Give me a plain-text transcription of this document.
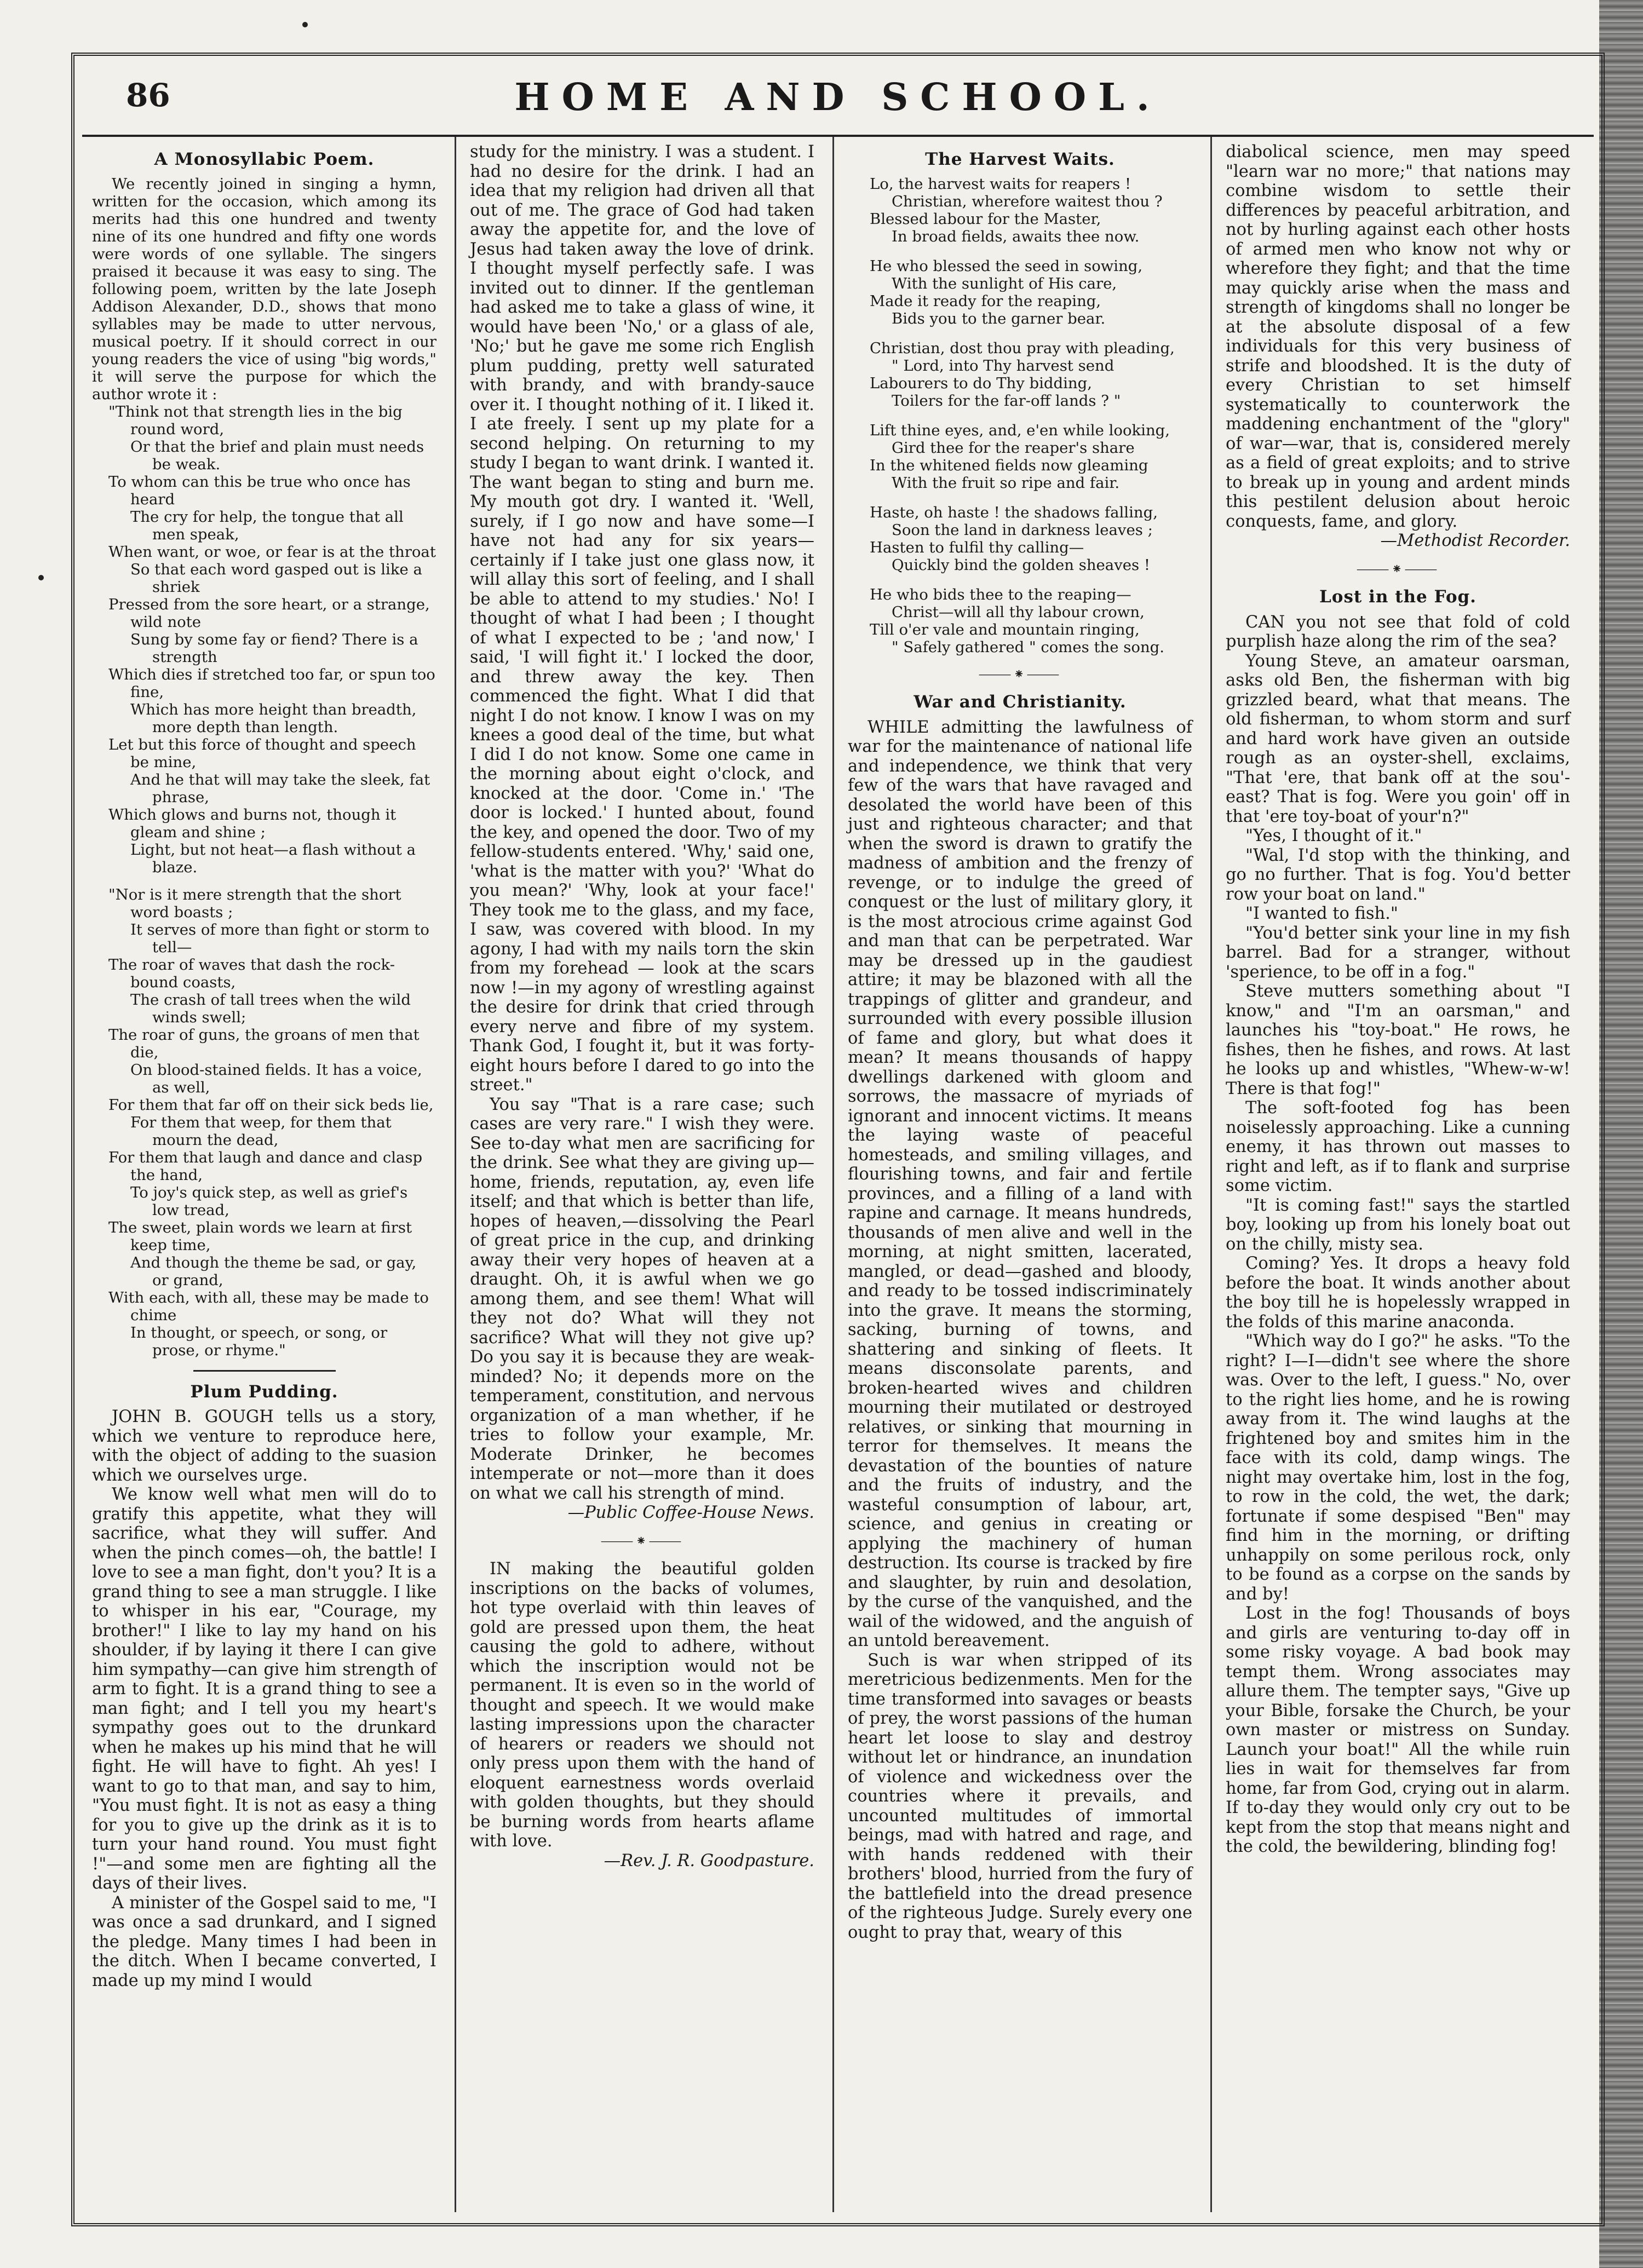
86	HOME AND SCHOOL.
A Monosyllabic Poem.

We recently joined in singing a hymn, written for the occasion, which among its merits had this one hundred and twenty nine of its one hundred and fifty one words were words of one syllable. The singers praised it because it was easy to sing. The following poem, written by the late Joseph Addison Alexander, D.D., shows that mono syllables may be made to utter nervous, musical poetry. If it should correct in our young readers the vice of using "big words," it will serve the purpose for which the author wrote it :

"Think not that strength lies in the big round word,

Or that the brief and plain must needs be weak.

To whom can this be true who once has heard

The cry for help, the tongue that all men speak,

When want, or woe, or fear is at the throat

So that each word gasped out is like a shriek

Pressed from the sore heart, or a strange, wild note

Sung by some fay or fiend? There is a strength

Which dies if stretched too far, or spun too fine,

Which has more height than breadth, more depth than length.

Let but this force of thought and speech be mine,

And he that will may take the sleek, fat phrase,

Which glows and burns not, though it gleam and shine ;

Light, but not heat—a flash without a blaze.

"Nor is it mere strength that the short word boasts ;

It serves of more than fight or storm to tell—

The roar of waves that dash the rock-bound coasts,

The crash of tall trees when the wild winds swell;

The roar of guns, the groans of men that die,

On blood-stained fields. It has a voice, as well,

For them that far off on their sick beds lie,

For them that weep, for them that mourn the dead,

For them that laugh and dance and clasp the hand,

To joy's quick step, as well as grief's low tread,

The sweet, plain words we learn at first keep time,

And though the theme be sad, or gay, or grand,

With each, with all, these may be made to chime

In thought, or speech, or song, or prose, or rhyme."

Plum Pudding.

JOHN B. GOUGH tells us a story, which we venture to reproduce here, with the object of adding to the suasion which we ourselves urge.

We know well what men will do to gratify this appetite, what they will sacrifice, what they will suffer. And when the pinch comes—oh, the battle! I love to see a man fight, don't you? It is a grand thing to see a man struggle. I like to whisper in his ear, "Courage, my brother!" I like to lay my hand on his shoulder, if by laying it there I can give him sympathy—can give him strength of arm to fight. It is a grand thing to see a man fight; and I tell you my heart's sympathy goes out to the drunkard when he makes up his mind that he will fight. He will have to fight. Ah yes! I want to go to that man, and say to him, "You must fight. It is not as easy a thing for you to give up the drink as it is to turn your hand round. You must fight !"—and some men are fighting all the days of their lives.

A minister of the Gospel said to me, "I was once a sad drunkard, and I signed the pledge. Many times I had been in the ditch. When I became converted, I made up my mind I would

study for the ministry. I was a student. I had no desire for the drink. I had an idea that my religion had driven all that out of me. The grace of God had taken away the appetite for, and the love of Jesus had taken away the love of drink. I thought myself perfectly safe. I was invited out to dinner. If the gentleman had asked me to take a glass of wine, it would have been 'No,' or a glass of ale, 'No;' but he gave me some rich English plum pudding, pretty well saturated with brandy, and with brandy-sauce over it. I thought nothing of it. I liked it. I ate freely. I sent up my plate for a second helping. On returning to my study I began to want drink. I wanted it. The want began to sting and burn me. My mouth got dry. I wanted it. 'Well, surely, if I go now and have some—I have not had any for six years—certainly if I take just one glass now, it will allay this sort of feeling, and I shall be able to attend to my studies.' No! I thought of what I had been ; I thought of what I expected to be ; 'and now,' I said, 'I will fight it.' I locked the door, and threw away the key. Then commenced the fight. What I did that night I do not know. I know I was on my knees a good deal of the time, but what I did I do not know. Some one came in the morning about eight o'clock, and knocked at the door. 'Come in.' 'The door is locked.' I hunted about, found the key, and opened the door. Two of my fellow-students entered. 'Why,' said one, 'what is the matter with you?' 'What do you mean?' 'Why, look at your face!' They took me to the glass, and my face, I saw, was covered with blood. In my agony, I had with my nails torn the skin from my forehead — look at the scars now !—in my agony of wrestling against the desire for drink that cried through every nerve and fibre of my system. Thank God, I fought it, but it was forty-eight hours before I dared to go into the street."

You say "That is a rare case; such cases are very rare." I wish they were. See to-day what men are sacrificing for the drink. See what they are giving up—home, friends, reputation, ay, even life itself; and that which is better than life, hopes of heaven,—dissolving the Pearl of great price in the cup, and drinking away their very hopes of heaven at a draught. Oh, it is awful when we go among them, and see them! What will they not do? What will they not sacrifice? What will they not give up? Do you say it is because they are weak-minded? No; it depends more on the temperament, constitution, and nervous organization of a man whether, if he tries to follow your example, Mr. Moderate Drinker, he becomes intemperate or not—more than it does on what we call his strength of mind.

—Public Coffee-House News.
⸻⁕⸻

IN making the beautiful golden inscriptions on the backs of volumes, hot type overlaid with thin leaves of gold are pressed upon them, the heat causing the gold to adhere, without which the inscription would not be permanent. It is even so in the world of thought and speech. It we would make lasting impressions upon the character of hearers or readers we should not only press upon them with the hand of eloquent earnestness words overlaid with golden thoughts, but they should be burning words from hearts aflame with love.

—Rev. J. R. Goodpasture.
The Harvest Waits.

Lo, the harvest waits for reapers !

Christian, wherefore waitest thou ?

Blessed labour for the Master,

In broad fields, awaits thee now.

He who blessed the seed in sowing,

With the sunlight of His care,

Made it ready for the reaping,

Bids you to the garner bear.

Christian, dost thou pray with pleading,

" Lord, into Thy harvest send

Labourers to do Thy bidding,

Toilers for the far-off lands ? "

Lift thine eyes, and, e'en while looking,

Gird thee for the reaper's share

In the whitened fields now gleaming

With the fruit so ripe and fair.

Haste, oh haste ! the shadows falling,

Soon the land in darkness leaves ;

Hasten to fulfil thy calling—

Quickly bind the golden sheaves !

He who bids thee to the reaping—

Christ—will all thy labour crown,

Till o'er vale and mountain ringing,

" Safely gathered " comes the song.

⸻⁕⸻
War and Christianity.

WHILE admitting the lawfulness of war for the maintenance of national life and independence, we think that very few of the wars that have ravaged and desolated the world have been of this just and righteous character; and that when the sword is drawn to gratify the madness of ambition and the frenzy of revenge, or to indulge the greed of conquest or the lust of military glory, it is the most atrocious crime against God and man that can be perpetrated. War may be dressed up in the gaudiest attire; it may be blazoned with all the trappings of glitter and grandeur, and surrounded with every possible illusion of fame and glory, but what does it mean? It means thousands of happy dwellings darkened with gloom and sorrows, the massacre of myriads of ignorant and innocent victims. It means the laying waste of peaceful homesteads, and smiling villages, and flourishing towns, and fair and fertile provinces, and a filling of a land with rapine and carnage. It means hundreds, thousands of men alive and well in the morning, at night smitten, lacerated, mangled, or dead—gashed and bloody, and ready to be tossed indiscriminately into the grave. It means the storming, sacking, burning of towns, and shattering and sinking of fleets. It means disconsolate parents, and broken-hearted wives and children mourning their mutilated or destroyed relatives, or sinking that mourning in terror for themselves. It means the devastation of the bounties of nature and the fruits of industry, and the wasteful consumption of labour, art, science, and genius in creating or applying the machinery of human destruction. Its course is tracked by fire and slaughter, by ruin and desolation, by the curse of the vanquished, and the wail of the widowed, and the anguish of an untold bereavement.

Such is war when stripped of its meretricious bedizenments. Men for the time transformed into savages or beasts of prey, the worst passions of the human heart let loose to slay and destroy without let or hindrance, an inundation of violence and wickedness over the countries where it prevails, and uncounted multitudes of immortal beings, mad with hatred and rage, and with hands reddened with their brothers' blood, hurried from the fury of the battlefield into the dread presence of the righteous Judge. Surely every one ought to pray that, weary of this

diabolical science, men may speed "learn war no more;" that nations may combine wisdom to settle their differences by peaceful arbitration, and not by hurling against each other hosts of armed men who know not why or wherefore they fight; and that the time may quickly arise when the mass and strength of kingdoms shall no longer be at the absolute disposal of a few individuals for this very business of strife and bloodshed. It is the duty of every Christian to set himself systematically to counterwork the maddening enchantment of the "glory" of war—war, that is, considered merely as a field of great exploits; and to strive to break up in young and ardent minds this pestilent delusion about heroic conquests, fame, and glory.

—Methodist Recorder.
⸻⁕⸻
Lost in the Fog.

CAN you not see that fold of cold purplish haze along the rim of the sea?

Young Steve, an amateur oarsman, asks old Ben, the fisherman with big grizzled beard, what that means. The old fisherman, to whom storm and surf and hard work have given an outside rough as an oyster-shell, exclaims, "That 'ere, that bank off at the sou'-east? That is fog. Were you goin' off in that 'ere toy-boat of your'n?"

"Yes, I thought of it."

"Wal, I'd stop with the thinking, and go no further. That is fog. You'd better row your boat on land."

"I wanted to fish."

"You'd better sink your line in my fish barrel. Bad for a stranger, without 'sperience, to be off in a fog."

Steve mutters something about "I know," and "I'm an oarsman," and launches his "toy-boat." He rows, he fishes, then he fishes, and rows. At last he looks up and whistles, "Whew-w-w! There is that fog!"

The soft-footed fog has been noiselessly approaching. Like a cunning enemy, it has thrown out masses to right and left, as if to flank and surprise some victim.

"It is coming fast!" says the startled boy, looking up from his lonely boat out on the chilly, misty sea.

Coming? Yes. It drops a heavy fold before the boat. It winds another about the boy till he is hopelessly wrapped in the folds of this marine anaconda.

"Which way do I go?" he asks. "To the right? I—I—didn't see where the shore was. Over to the left, I guess." No, over to the right lies home, and he is rowing away from it. The wind laughs at the frightened boy and smites him in the face with its cold, damp wings. The night may overtake him, lost in the fog, to row in the cold, the wet, the dark; fortunate if some despised "Ben" may find him in the morning, or drifting unhappily on some perilous rock, only to be found as a corpse on the sands by and by!

Lost in the fog! Thousands of boys and girls are venturing to-day off in some risky voyage. A bad book may tempt them. Wrong associates may allure them. The tempter says, "Give up your Bible, forsake the Church, be your own master or mistress on Sunday. Launch your boat!" All the while ruin lies in wait for themselves far from home, far from God, crying out in alarm. If to-day they would only cry out to be kept from the stop that means night and the cold, the bewildering, blinding fog!
